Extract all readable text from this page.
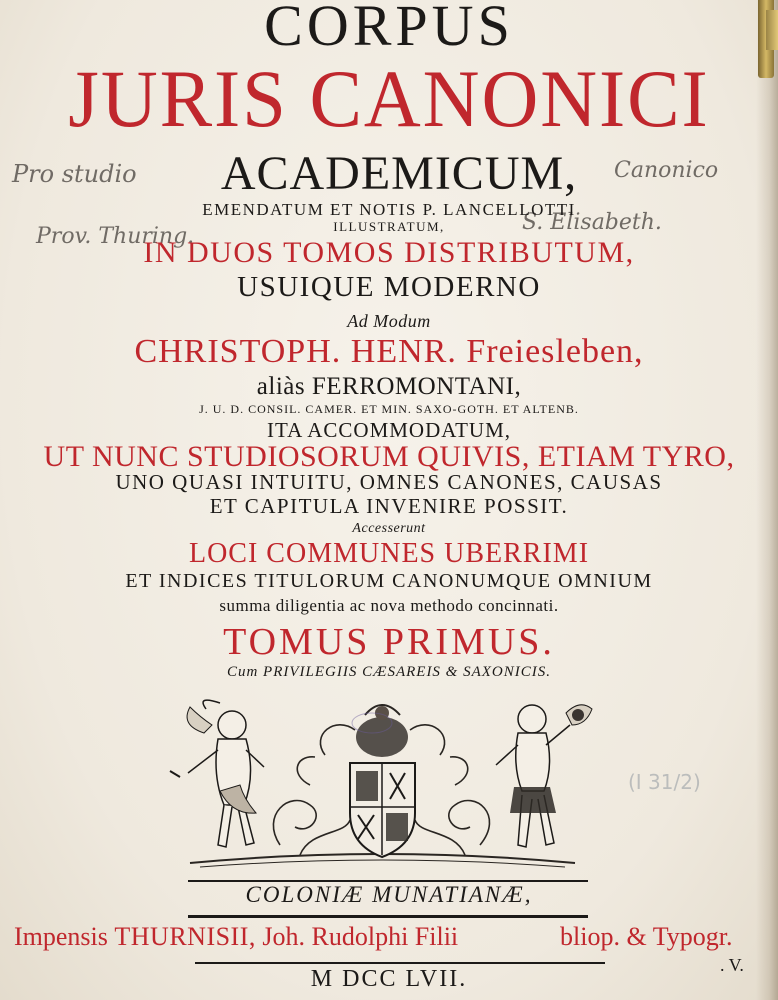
CORPUS
JURIS CANONICI
ACADEMICUM,
Pro studio	Canonico
Prov. Thuring.
S. Elisabeth.
EMENDATUM ET NOTIS P. LANCELLOTTI
ILLUSTRATUM,
IN DUOS TOMOS DISTRIBUTUM,
USUIQUE MODERNO
Ad Modum
CHRISTOPH. HENR. Freiesleben,
aliàs FERROMONTANI,
J. U. D. CONSIL. CAMER. ET MIN. SAXO-GOTH. ET ALTENB.
ITA ACCOMMODATUM,
UT NUNC STUDIOSORUM QUIVIS, ETIAM TYRO,
UNO QUASI INTUITU, OMNES CANONES, CAUSAS
ET CAPITULA INVENIRE POSSIT.
Accesserunt
LOCI COMMUNES UBERRIMI
ET INDICES TITULORUM CANONUMQUE OMNIUM
summa diligentia ac nova methodo concinnati.
TOMUS PRIMUS.
Cum PRIVILEGIIS CÆSAREIS & SAXONICIS.
(I 31/2)
COLONIÆ MUNATIANÆ,
Impensis THURNISII, Joh. Rudolphi Filii	bliop. & Typogr.
. V.
M DCC LVII.
